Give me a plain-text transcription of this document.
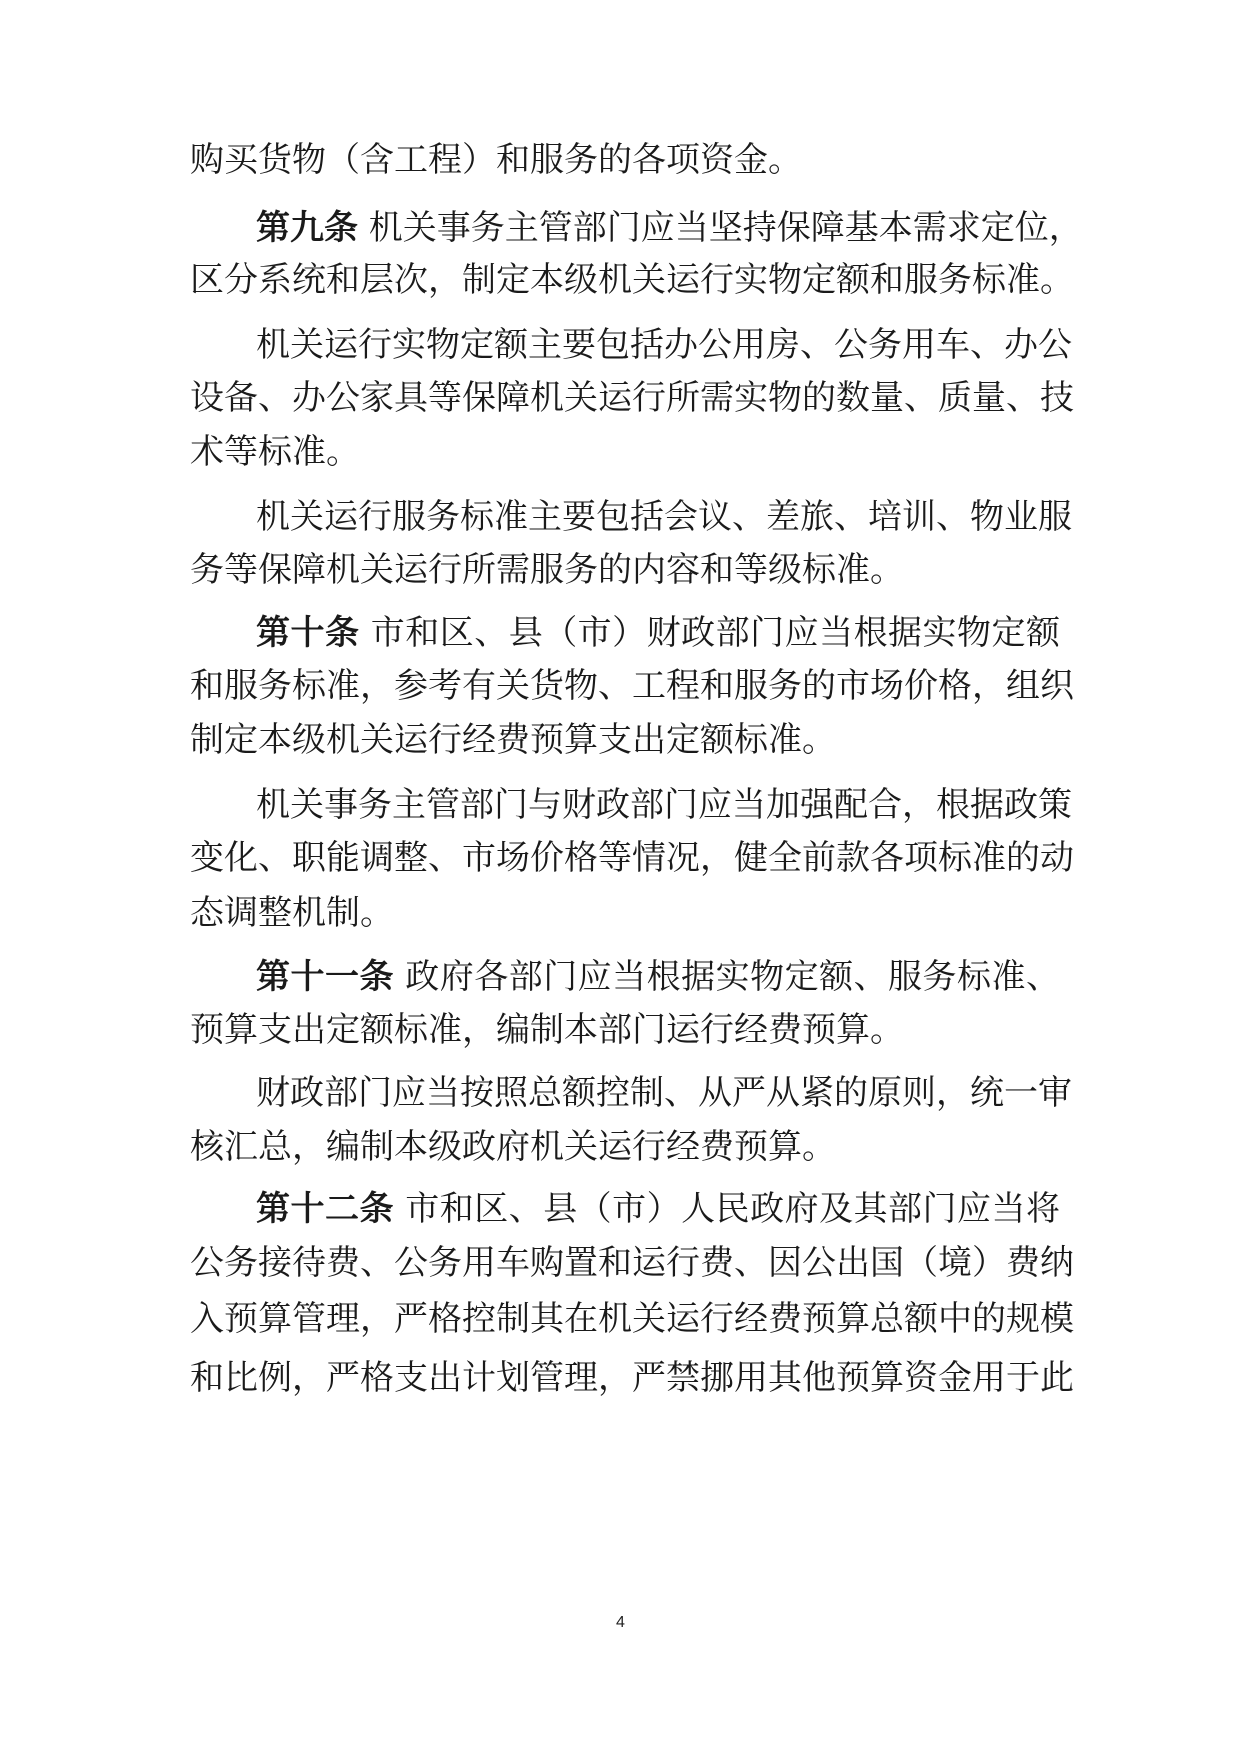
购买货物（含工程）和服务的各项资金。
第九条 机关事务主管部门应当坚持保障基本需求定位，
区分系统和层次，制定本级机关运行实物定额和服务标准。
机关运行实物定额主要包括办公用房、公务用车、办公
设备、办公家具等保障机关运行所需实物的数量、质量、技
术等标准。
机关运行服务标准主要包括会议、差旅、培训、物业服
务等保障机关运行所需服务的内容和等级标准。
第十条 市和区、县（市）财政部门应当根据实物定额
和服务标准，参考有关货物、工程和服务的市场价格，组织
制定本级机关运行经费预算支出定额标准。
机关事务主管部门与财政部门应当加强配合，根据政策
变化、职能调整、市场价格等情况，健全前款各项标准的动
态调整机制。
第十一条 政府各部门应当根据实物定额、服务标准、
预算支出定额标准，编制本部门运行经费预算。
财政部门应当按照总额控制、从严从紧的原则，统一审
核汇总，编制本级政府机关运行经费预算。
第十二条 市和区、县（市）人民政府及其部门应当将
公务接待费、公务用车购置和运行费、因公出国（境）费纳
入预算管理，严格控制其在机关运行经费预算总额中的规模
和比例，严格支出计划管理，严禁挪用其他预算资金用于此
4
